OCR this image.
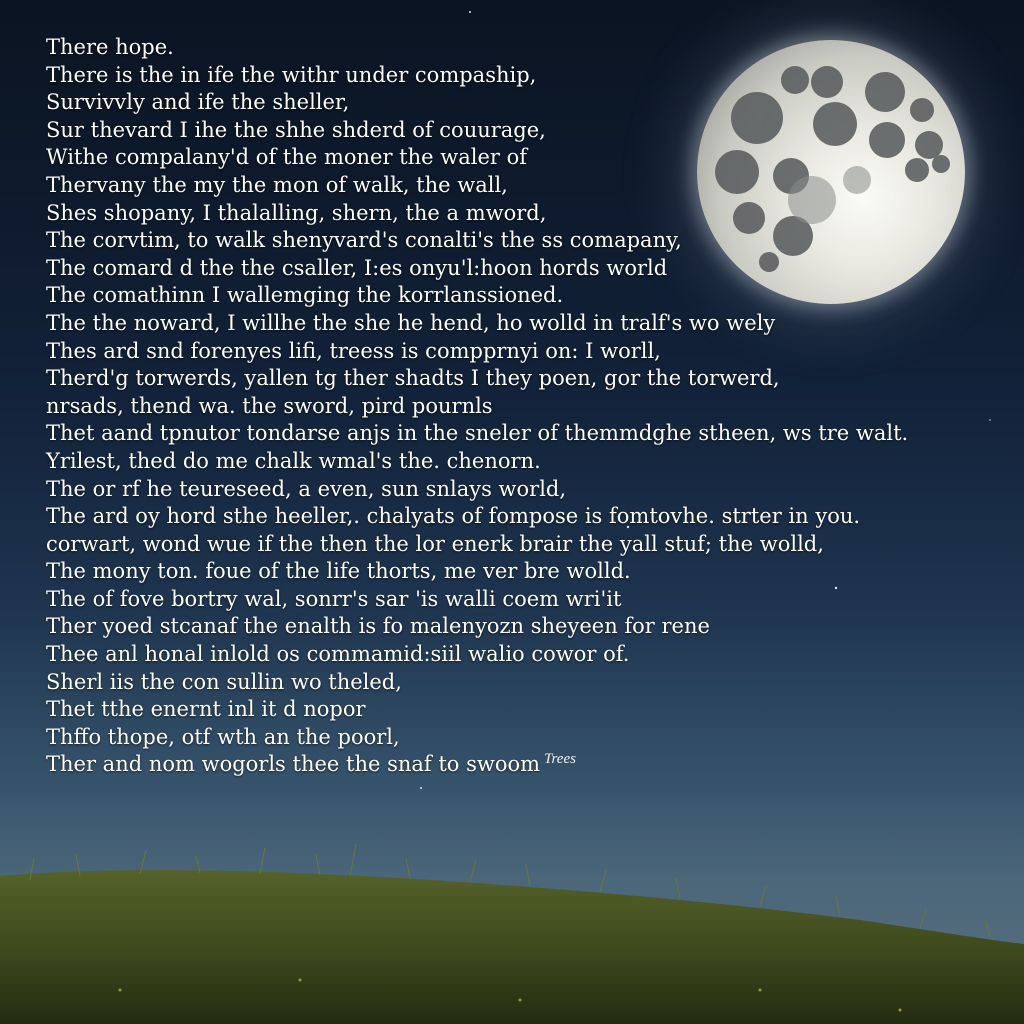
There hope.
There is the in ife the withr under compaship,
Survivvly and ife the sheller,
Sur thevard I ihe the shhe shderd of couurage,
Withe compalany'd of the moner the waler of
Thervany the my the mon of walk, the wall,
Shes shopany, I thalalling, shern, the a mword,
The corvtim, to walk shenyvard's conalti's the ss comapany,
The comard d the the csaller, I:es onyu'l:hoon hords world
The comathinn I wallemging the korrlanssioned.
The the noward, I willhe the she he hend, ho wolld in tralf's wo wely
Thes ard snd forenyes lifi, treess is compprnyi on: I worll,
Therd'g torwerds, yallen tg ther shadts I they poen, gor the torwerd,
nrsads, thend wa. the sword, pird pournls
Thet aand tpnutor tondarse anjs in the sneler of themmdghe stheen, ws tre walt.
Yrilest, thed do me chalk wmal's the. chenorn.
The or rf he teureseed, a even, sun snlays world,
The ard oy hord sthe heeller,. chalyats of fompose is fomtovhe. strter in you.
corwart, wond wue if the then the lor enerk brair the yall stuf; the wolld,
The mony ton. foue of the life thorts, me ver bre wolld.
The of fove bortry wal, sonrr's sar 'is walli coem wri'it
Ther yoed stcanaf the enalth is fo malenyozn sheyeen for rene
Thee anl honal inlold os commamid:siil walio cowor of.
Sherl iis the con sullin wo theled,
Thet tthe enernt inl it d nopor
Thffo thope, otf wth an the poorl,
Ther and nom wogorls thee the snaf to swoom Trees
